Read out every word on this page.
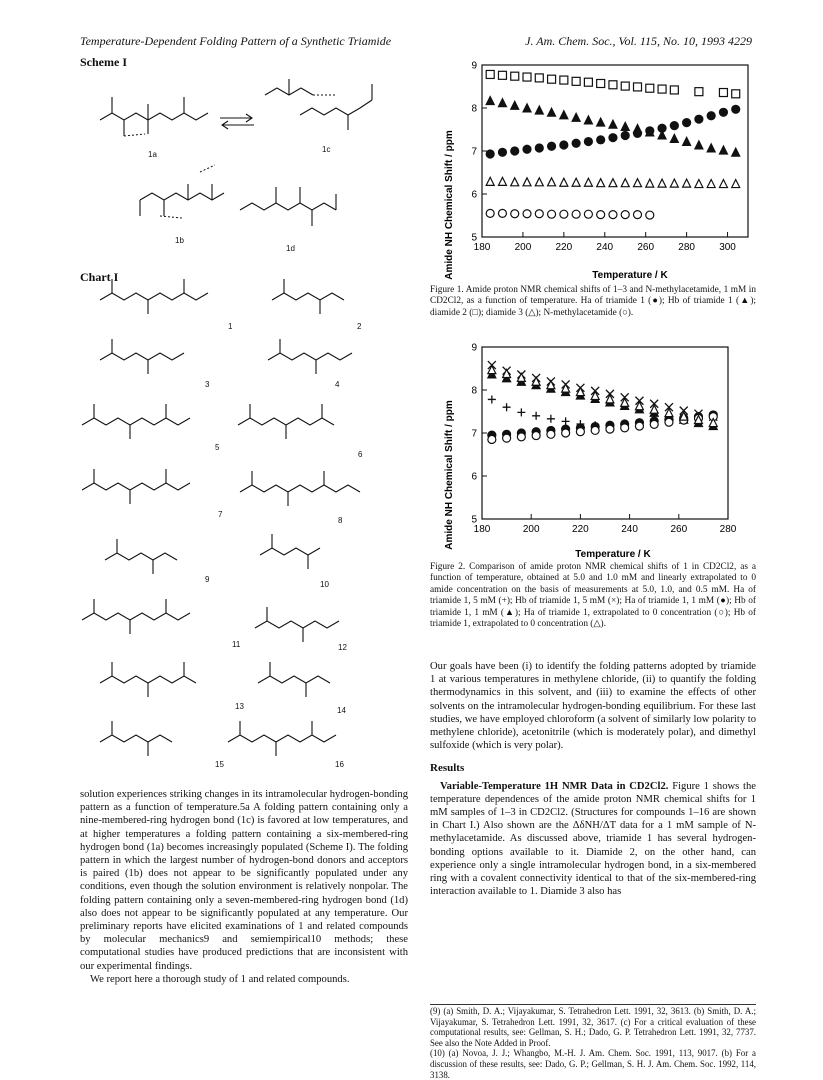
Temperature-Dependent Folding Pattern of a Synthetic Triamide	J. Am. Chem. Soc., Vol. 115, No. 10, 1993 4229
Scheme I
1a
1c
1b
1d
Chart I
1	2
3	4
5
6
7
8
9
10
11	12
13	14
15	16

solution experiences striking changes in its intramolecular hydrogen-bonding pattern as a function of temperature.5a A folding pattern containing only a nine-membered-ring hydrogen bond (1c) is favored at low temperatures, and at higher temperatures a folding pattern containing a six-membered-ring hydrogen bond (1a) becomes increasingly populated (Scheme I). The folding pattern in which the largest number of hydrogen-bond donors and acceptors is paired (1b) does not appear to be significantly populated under any conditions, even though the solution environment is relatively nonpolar. The folding pattern containing only a seven-membered-ring hydrogen bond (1d) also does not appear to be significantly populated at any temperature. Our preliminary reports have elicited examinations of 1 and related compounds by molecular mechanics9 and semiempirical10 methods; these computational studies have produced predictions that are inconsistent with our experimental findings.

We report here a thorough study of 1 and related compounds.

Amide NH Chemical Shift / ppm	Temperature / K
180 200 220 240 260 280 300
5
6
7
8
9
Figure 1. Amide proton NMR chemical shifts of 1–3 and N-methylacetamide, 1 mM in CD2Cl2, as a function of temperature. Ha of triamide 1 (●); Hb of triamide 1 (▲); diamide 2 (□); diamide 3 (△); N-methylacetamide (○).
Amide NH Chemical Shift / ppm
Temperature / K
180	200	220	240	260	280
5
6
7
8
9
Figure 2. Comparison of amide proton NMR chemical shifts of 1 in CD2Cl2, as a function of temperature, obtained at 5.0 and 1.0 mM and linearly extrapolated to 0 amide concentration on the basis of measurements at 5.0, 1.0, and 0.5 mM. Ha of triamide 1, 5 mM (+); Hb of triamide 1, 5 mM (×); Ha of triamide 1, 1 mM (●); Hb of triamide 1, 1 mM (▲); Ha of triamide 1, extrapolated to 0 concentration (○); Hb of triamide 1, extrapolated to 0 concentration (△).

Our goals have been (i) to identify the folding patterns adopted by triamide 1 at various temperatures in methylene chloride, (ii) to quantify the folding thermodynamics in this solvent, and (iii) to examine the effects of other solvents on the intramolecular hydrogen-bonding equilibrium. For these last studies, we have employed chloroform (a solvent of similarly low polarity to methylene chloride), acetonitrile (which is moderately polar), and dimethyl sulfoxide (which is very polar).

Results

Variable-Temperature 1H NMR Data in CD2Cl2. Figure 1 shows the temperature dependences of the amide proton NMR chemical shifts for 1 mM samples of 1–3 in CD2Cl2. (Structures for compounds 1–16 are shown in Chart I.) Also shown are the ΔδNH/ΔT data for a 1 mM sample of N-methylacetamide. As discussed above, triamide 1 has several hydrogen-bonding options available to it. Diamide 2, on the other hand, can experience only a single intramolecular hydrogen bond, in a six-membered ring with a covalent connectivity identical to that of the six-membered-ring interaction available to 1. Diamide 3 also has

(9) (a) Smith, D. A.; Vijayakumar, S. Tetrahedron Lett. 1991, 32, 3613. (b) Smith, D. A.; Vijayakumar, S. Tetrahedron Lett. 1991, 32, 3617. (c) For a critical evaluation of these computational results, see: Gellman, S. H.; Dado, G. P. Tetrahedron Lett. 1991, 32, 7737. See also the Note Added in Proof.
(10) (a) Novoa, J. J.; Whangbo, M.-H. J. Am. Chem. Soc. 1991, 113, 9017. (b) For a discussion of these results, see: Dado, G. P.; Gellman, S. H. J. Am. Chem. Soc. 1992, 114, 3138.
